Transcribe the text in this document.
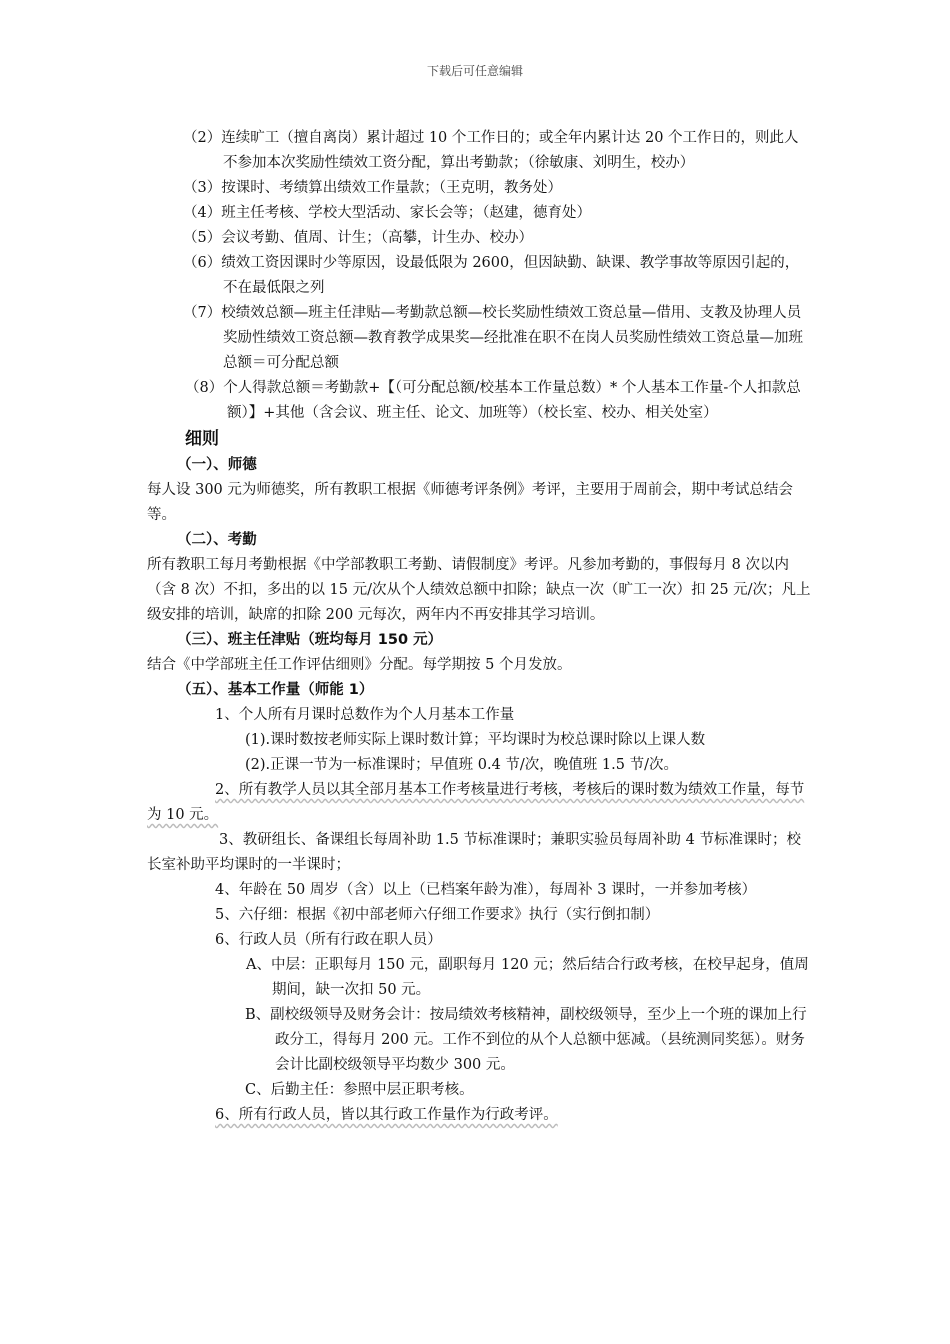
下载后可任意编辑

（2）连续旷工（擅自离岗）累计超过 10 个工作日的；或全年内累计达 20 个工作日的，则此人不参加本次奖励性绩效工资分配，算出考勤款；（徐敏康、刘明生，校办）

（3）按课时、考绩算出绩效工作量款；（王克明，教务处）

（4）班主任考核、学校大型活动、家长会等；（赵建，德育处）

（5）会议考勤、值周、计生；（高攀，计生办、校办）

（6）绩效工资因课时少等原因，设最低限为 2600，但因缺勤、缺课、教学事故等原因引起的，不在最低限之列

（7）校绩效总额—班主任津贴—考勤款总额—校长奖励性绩效工资总量—借用、支教及协理人员奖励性绩效工资总额—教育教学成果奖—经批准在职不在岗人员奖励性绩效工资总量—加班总额＝可分配总额

（8）个人得款总额＝考勤款+【（可分配总额/校基本工作量总数）* 个人基本工作量-个人扣款总额）】+其他（含会议、班主任、论文、加班等）（校长室、校办、相关处室）

细则

（一）、师德

每人设 300 元为师德奖，所有教职工根据《师德考评条例》考评，主要用于周前会，期中考试总结会等。

（二）、考勤

所有教职工每月考勤根据《中学部教职工考勤、请假制度》考评。凡参加考勤的，事假每月 8 次以内（含 8 次）不扣，多出的以 15 元/次从个人绩效总额中扣除；缺点一次（旷工一次）扣 25 元/次；凡上级安排的培训，缺席的扣除 200 元每次，两年内不再安排其学习培训。

（三）、班主任津贴（班均每月 150 元）

结合《中学部班主任工作评估细则》分配。每学期按 5 个月发放。

（五）、基本工作量（师能 1）

1、个人所有月课时总数作为个人月基本工作量

(1).课时数按老师实际上课时数计算；平均课时为校总课时除以上课人数

(2).正课一节为一标准课时；早值班 0.4 节/次，晚值班 1.5 节/次。

2、所有教学人员以其全部月基本工作考核量进行考核，考核后的课时数为绩效工作量，每节为 10 元。

3、教研组长、备课组长每周补助 1.5 节标准课时；兼职实验员每周补助 4 节标准课时；校长室补助平均课时的一半课时；

4、年龄在 50 周岁（含）以上（已档案年龄为准），每周补 3 课时，一并参加考核）

5、六仔细：根据《初中部老师六仔细工作要求》执行（实行倒扣制）

6、行政人员（所有行政在职人员）

A、中层：正职每月 150 元，副职每月 120 元；然后结合行政考核，在校早起身，值周期间，缺一次扣 50 元。

B、副校级领导及财务会计：按局绩效考核精神，副校级领导，至少上一个班的课加上行政分工，得每月 200 元。工作不到位的从个人总额中惩减。（县统测同奖惩）。财务会计比副校级领导平均数少 300 元。

C、后勤主任：参照中层正职考核。

6、所有行政人员，皆以其行政工作量作为行政考评。
